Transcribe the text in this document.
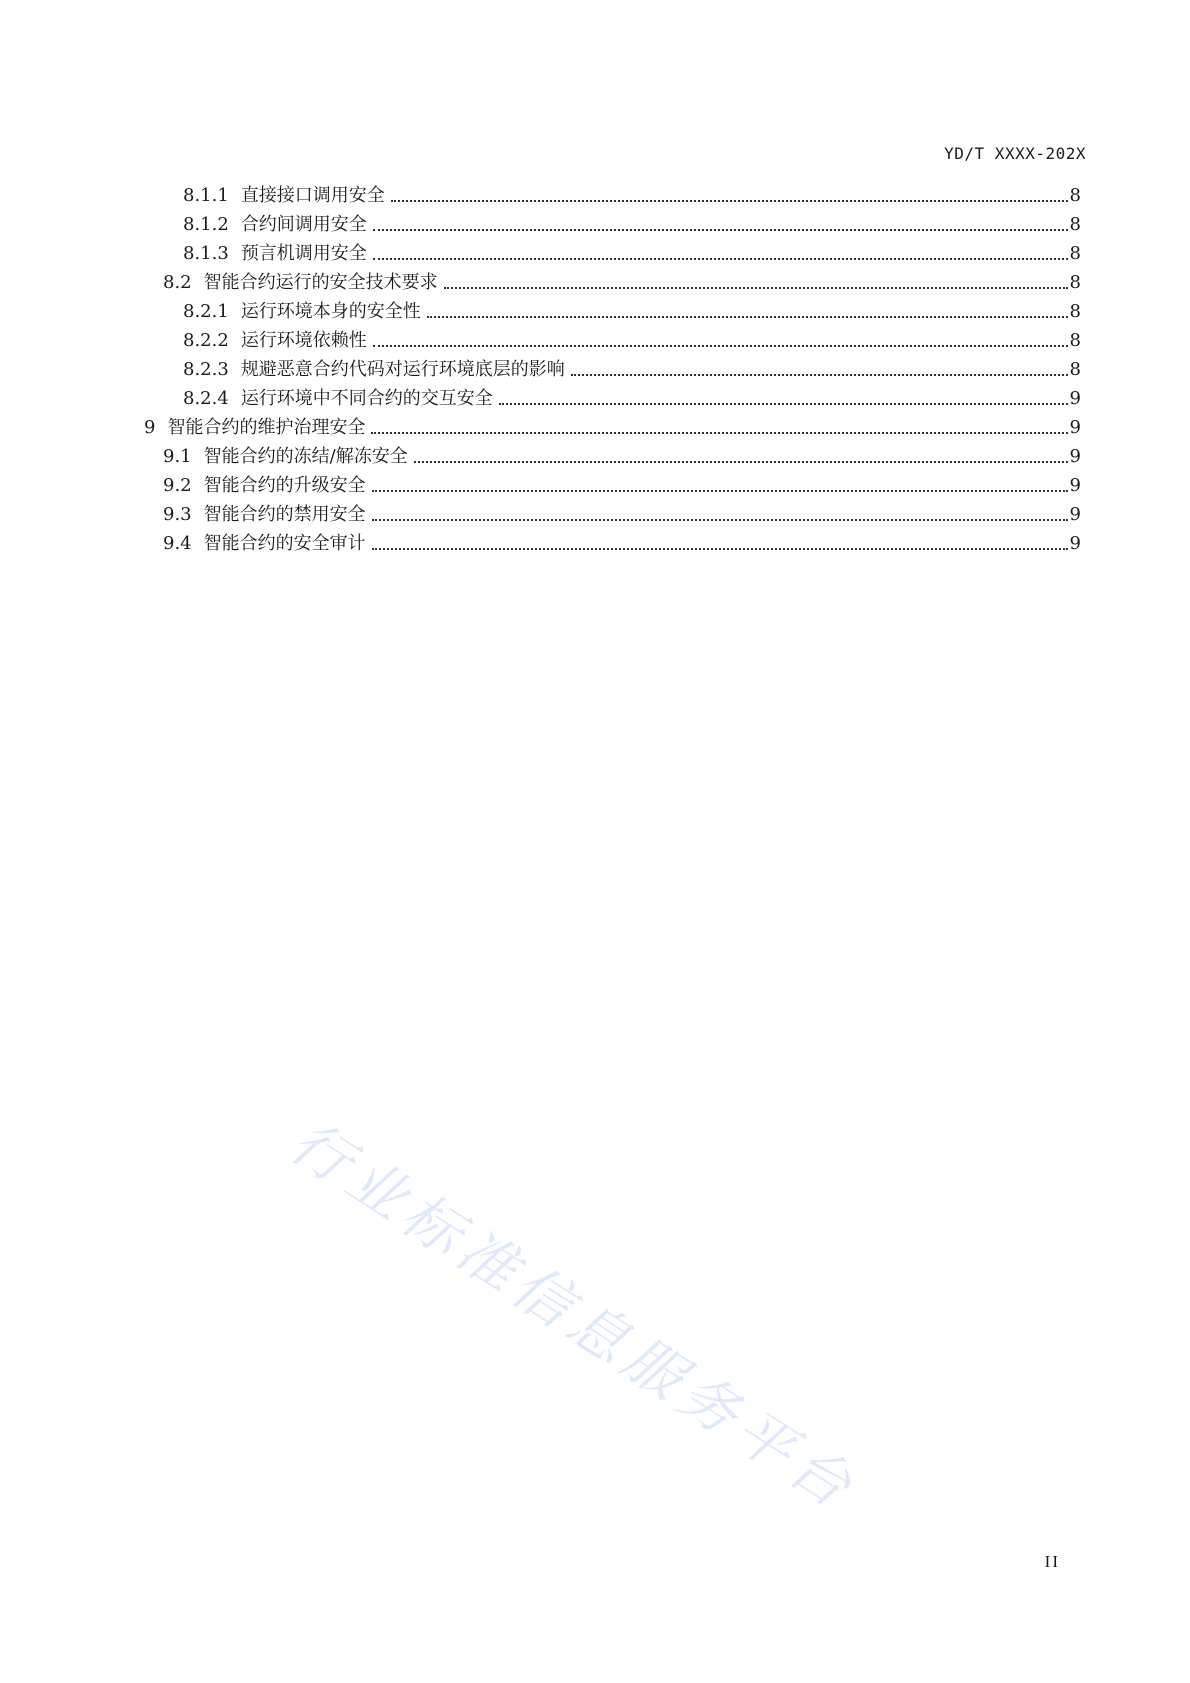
YD/T XXXX-202X
8.1.1 直接接口调用安全	8
8.1.2 合约间调用安全	8
8.1.3 预言机调用安全	8
8.2 智能合约运行的安全技术要求	8
8.2.1 运行环境本身的安全性	8
8.2.2 运行环境依赖性	8
8.2.3 规避恶意合约代码对运行环境底层的影响	8
8.2.4 运行环境中不同合约的交互安全	9
9 智能合约的维护治理安全	9
9.1 智能合约的冻结/解冻安全	9
9.2 智能合约的升级安全	9
9.3 智能合约的禁用安全	9
9.4 智能合约的安全审计	9
II
行业标准信息服务平台
